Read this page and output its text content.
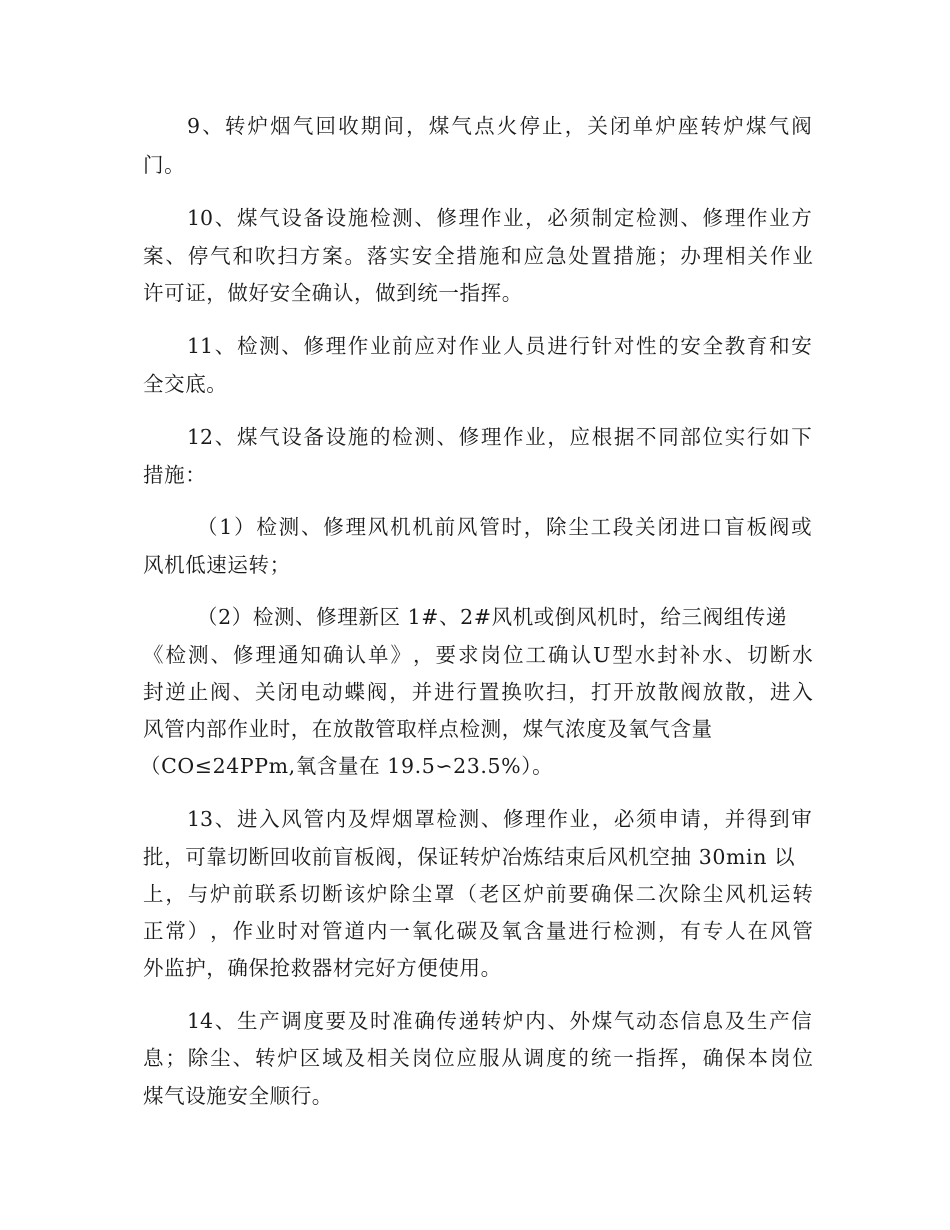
9 、 转 炉 烟 气 回 收 期 间 ， 煤 气 点 火 停 止 ， 关 闭 单 炉 座 转 炉 煤 气 阀
门。
10 、 煤 气 设 备 设 施 检 测 、 修 理 作 业 ， 必 须 制 定 检 测 、 修 理 作 业 方
案 、 停 气 和 吹 扫 方 案 。 落 实 安 全 措 施 和 应 急 处 置 措 施 ； 办 理 相 关 作 业
许可证，做好安全确认，做到统一指挥。
11 、 检 测 、 修 理 作 业 前 应 对 作 业 人 员 进 行 针 对 性 的 安 全 教 育 和 安
全交底。
12 、 煤 气 设 备 设 施 的 检 测 、 修 理 作 业 ， 应 根 据 不 同 部 位 实 行 如 下
措施：
（ 1 ） 检 测 、 修 理 风 机 机 前 风 管 时 ， 除 尘 工 段 关 闭 进 口 盲 板 阀 或
风机低速运转；
（2）检测、修理新区 1#、2#风机或倒风机时，给三阀组传递
《 检 测 、 修 理 通 知 确 认 单 》 ， 要 求 岗 位 工 确 认 U 型 水 封 补 水 、 切 断 水
封 逆 止 阀 、 关 闭 电 动 蝶 阀 ， 并 进 行 置 换 吹 扫 ， 打 开 放 散 阀 放 散 ， 进 入
风管内部作业时，在放散管取样点检测，煤气浓度及氧气含量
（CO≤24PPm,氧含量在 19.5∽23.5%）。
13 、 进 入 风 管 内 及 焊 烟 罩 检 测 、 修 理 作 业 ， 必 须 申 请 ， 并 得 到 审
批，可靠切断回收前盲板阀，保证转炉冶炼结束后风机空抽 30min 以
上 ， 与 炉 前 联 系 切 断 该 炉 除 尘 罩 （ 老 区 炉 前 要 确 保 二 次 除 尘 风 机 运 转
正 常 ） ， 作 业 时 对 管 道 内 一 氧 化 碳 及 氧 含 量 进 行 检 测 ， 有 专 人 在 风 管
外监护，确保抢救器材完好方便使用。
14 、 生 产 调 度 要 及 时 准 确 传 递 转 炉 内 、 外 煤 气 动 态 信 息 及 生 产 信
息 ； 除 尘 、 转 炉 区 域 及 相 关 岗 位 应 服 从 调 度 的 统 一 指 挥 ， 确 保 本 岗 位
煤气设施安全顺行。
